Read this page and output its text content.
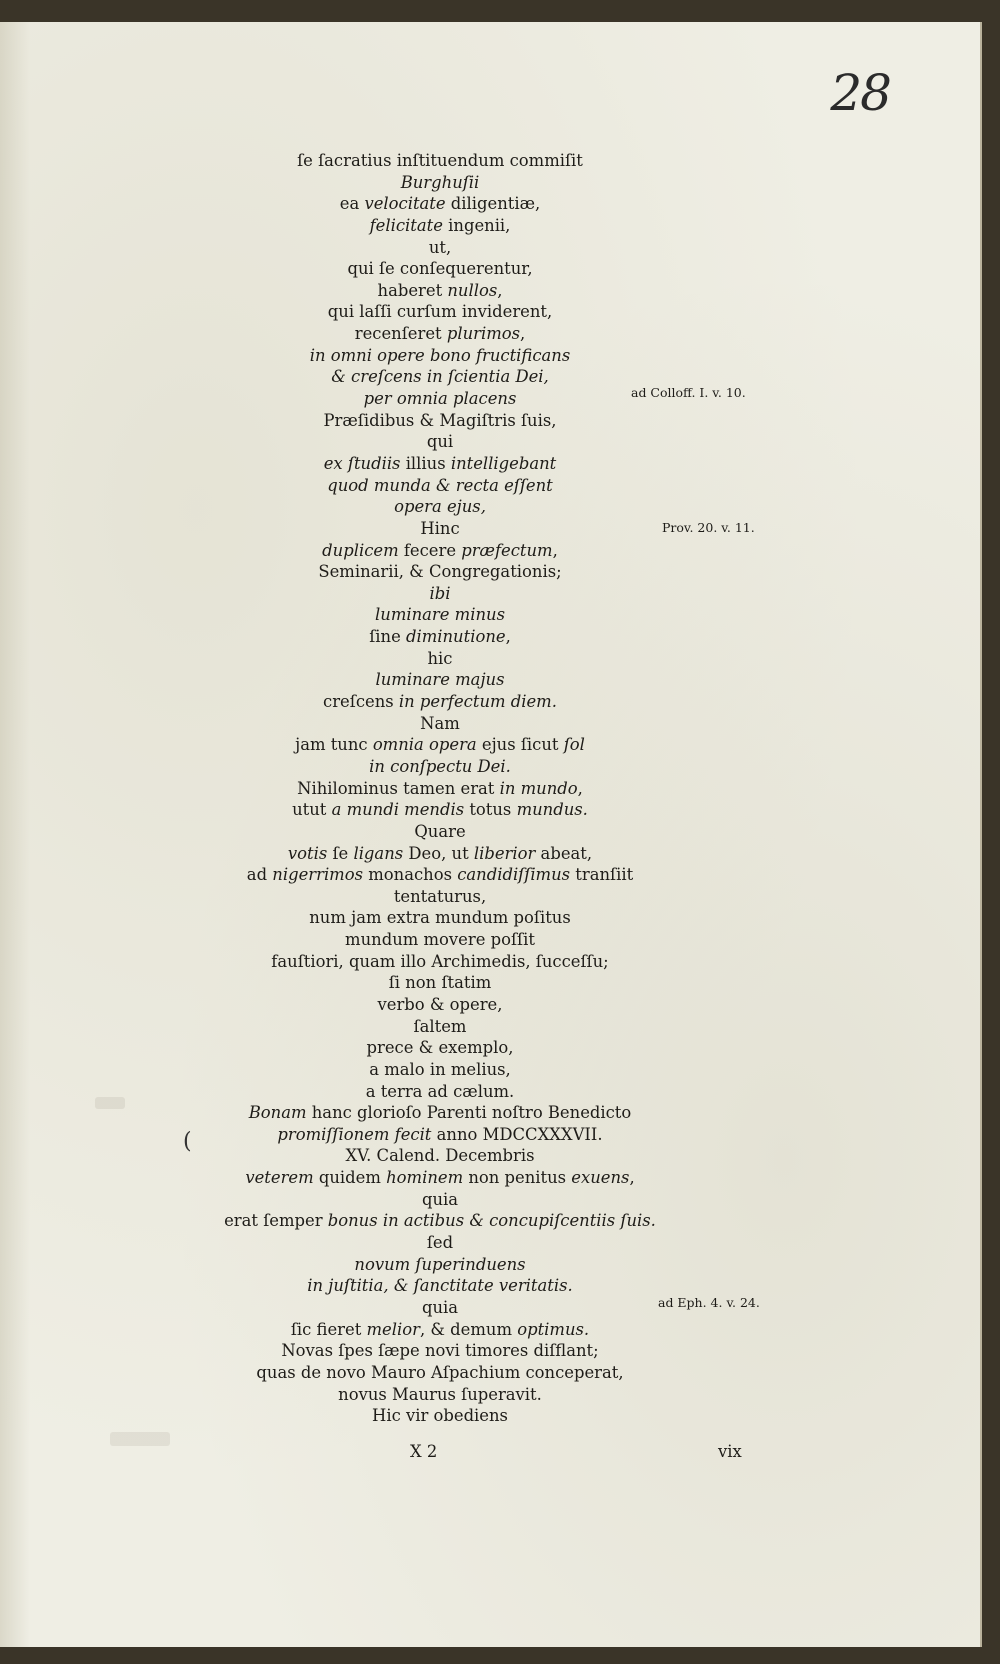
28
ſe ſacratius inſtituendum commiſit
Burghuſii
ea velocitate diligentiæ,
felicitate ingenii,
ut,
qui ſe conſequerentur,
haberet nullos,
qui laſſi curſum inviderent,
recenſeret plurimos,
in omni opere bono fructificans
& creſcens in ſcientia Dei,
per omnia placens
Præſidibus & Magiſtris ſuis,
qui
ex ſtudiis illius intelligebant
quod munda & recta eſſent
opera ejus,
Hinc
duplicem fecere præfectum,
Seminarii, & Congregationis;
ibi
luminare minus
ſine diminutione,
hic
luminare majus
creſcens in perfectum diem.
Nam
jam tunc omnia opera ejus ſicut ſol
in conſpectu Dei.
Nihilominus tamen erat in mundo,
utut a mundi mendis totus mundus.
Quare
votis ſe ligans Deo, ut liberior abeat,
ad nigerrimos monachos candidiſſimus tranſiit
tentaturus,
num jam extra mundum poſitus
mundum movere poſſit
fauſtiori, quam illo Archimedis, ſucceſſu;
ſi non ſtatim
verbo & opere,
ſaltem
prece & exemplo,
a malo in melius,
a terra ad cælum.
Bonam hanc glorioſo Parenti noſtro Benedicto
promiſſionem fecit anno MDCCXXXVII.
XV. Calend. Decembris
veterem quidem hominem non penitus exuens,
quia
erat ſemper bonus in actibus & concupiſcentiis ſuis.
ſed
novum ſuperinduens
in juſtitia, & ſanctitate veritatis.
quia
ſic fieret melior, & demum optimus.
Novas ſpes ſæpe novi timores diſflant;
quas de novo Mauro Aſpachium conceperat,
novus Maurus ſuperavit.
Hic vir obediens
(
ad Colloff. I. v. 10.
Prov. 20. v. 11.
ad Eph. 4. v. 24.
X 2	vix
